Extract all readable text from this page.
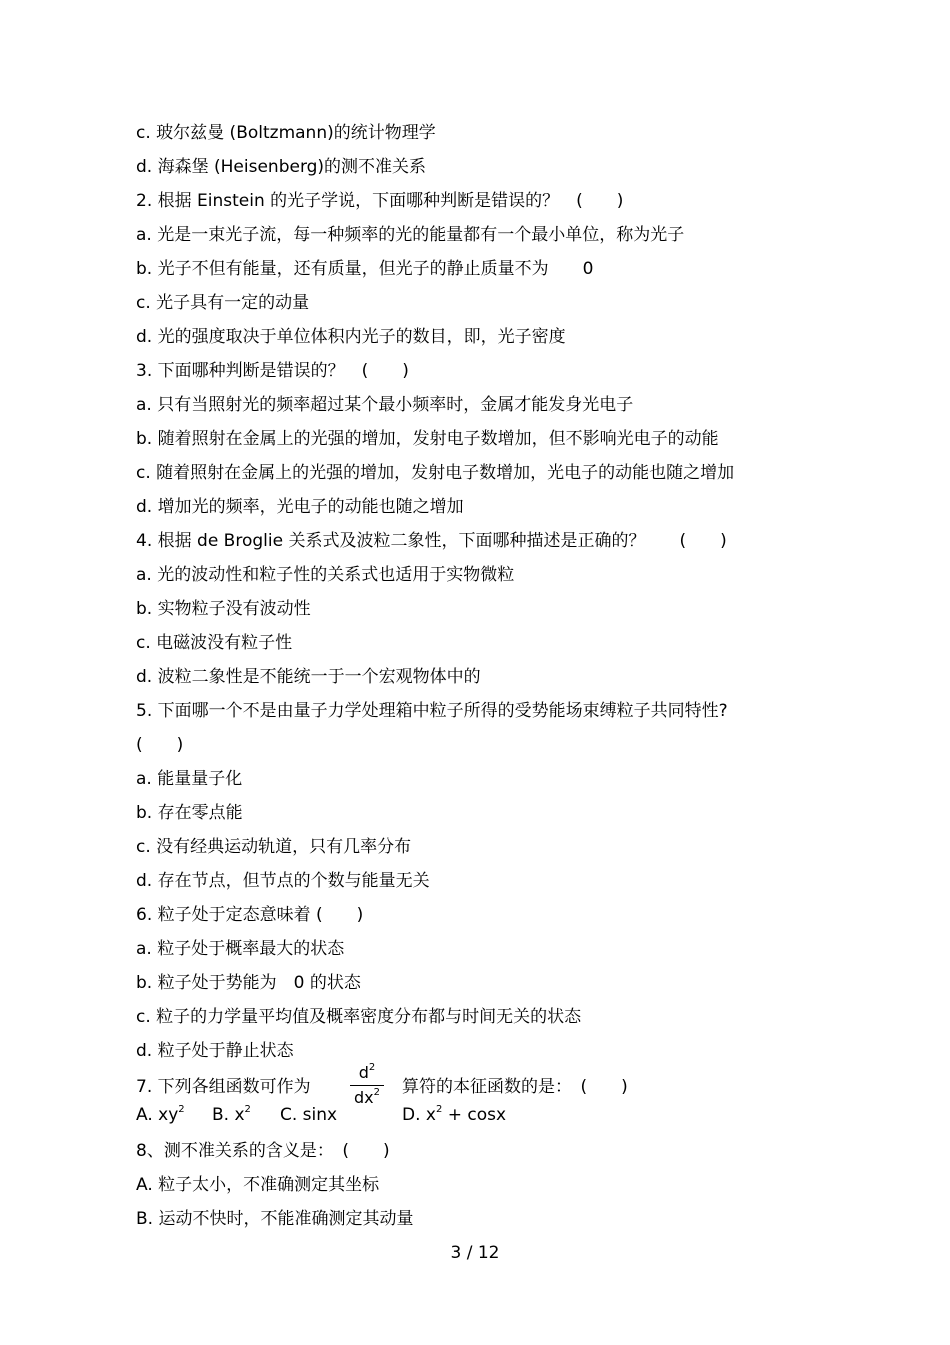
c. 玻尔兹曼 (Boltzmann)的统计物理学
d. 海森堡 (Heisenberg)的测不准关系
2. 根据 Einstein 的光子学说，下面哪种判断是错误的？　(　　)
a. 光是一束光子流，每一种频率的光的能量都有一个最小单位，称为光子
b. 光子不但有能量，还有质量，但光子的静止质量不为　　0
c. 光子具有一定的动量
d. 光的强度取决于单位体积内光子的数目，即，光子密度
3. 下面哪种判断是错误的？　(　　)
a. 只有当照射光的频率超过某个最小频率时，金属才能发身光电子
b. 随着照射在金属上的光强的增加，发射电子数增加，但不影响光电子的动能
c. 随着照射在金属上的光强的增加，发射电子数增加，光电子的动能也随之增加
d. 增加光的频率，光电子的动能也随之增加
4. 根据 de Broglie 关系式及波粒二象性，下面哪种描述是正确的？　　(　　)
a. 光的波动性和粒子性的关系式也适用于实物微粒
b. 实物粒子没有波动性
c. 电磁波没有粒子性
d. 波粒二象性是不能统一于一个宏观物体中的
5. 下面哪一个不是由量子力学处理箱中粒子所得的受势能场束缚粒子共同特性?
(　　)
a. 能量量子化
b. 存在零点能
c. 没有经典运动轨道，只有几率分布
d. 存在节点，但节点的个数与能量无关
6. 粒子处于定态意味着 (　　)
a. 粒子处于概率最大的状态
b. 粒子处于势能为　0 的状态
c. 粒子的力学量平均值及概率密度分布都与时间无关的状态
d. 粒子处于静止状态
7. 下列各组函数可作为
$d^2$
$dx^2$ 算符的本征函数的是：　(　　)
A. $xy^2$ B. $x^2$ C. sinx	D. $x^2 + \cos x$
8、测不准关系的含义是：　(　　)
A. 粒子太小，不准确测定其坐标
B. 运动不快时，不能准确测定其动量
3 / 12
